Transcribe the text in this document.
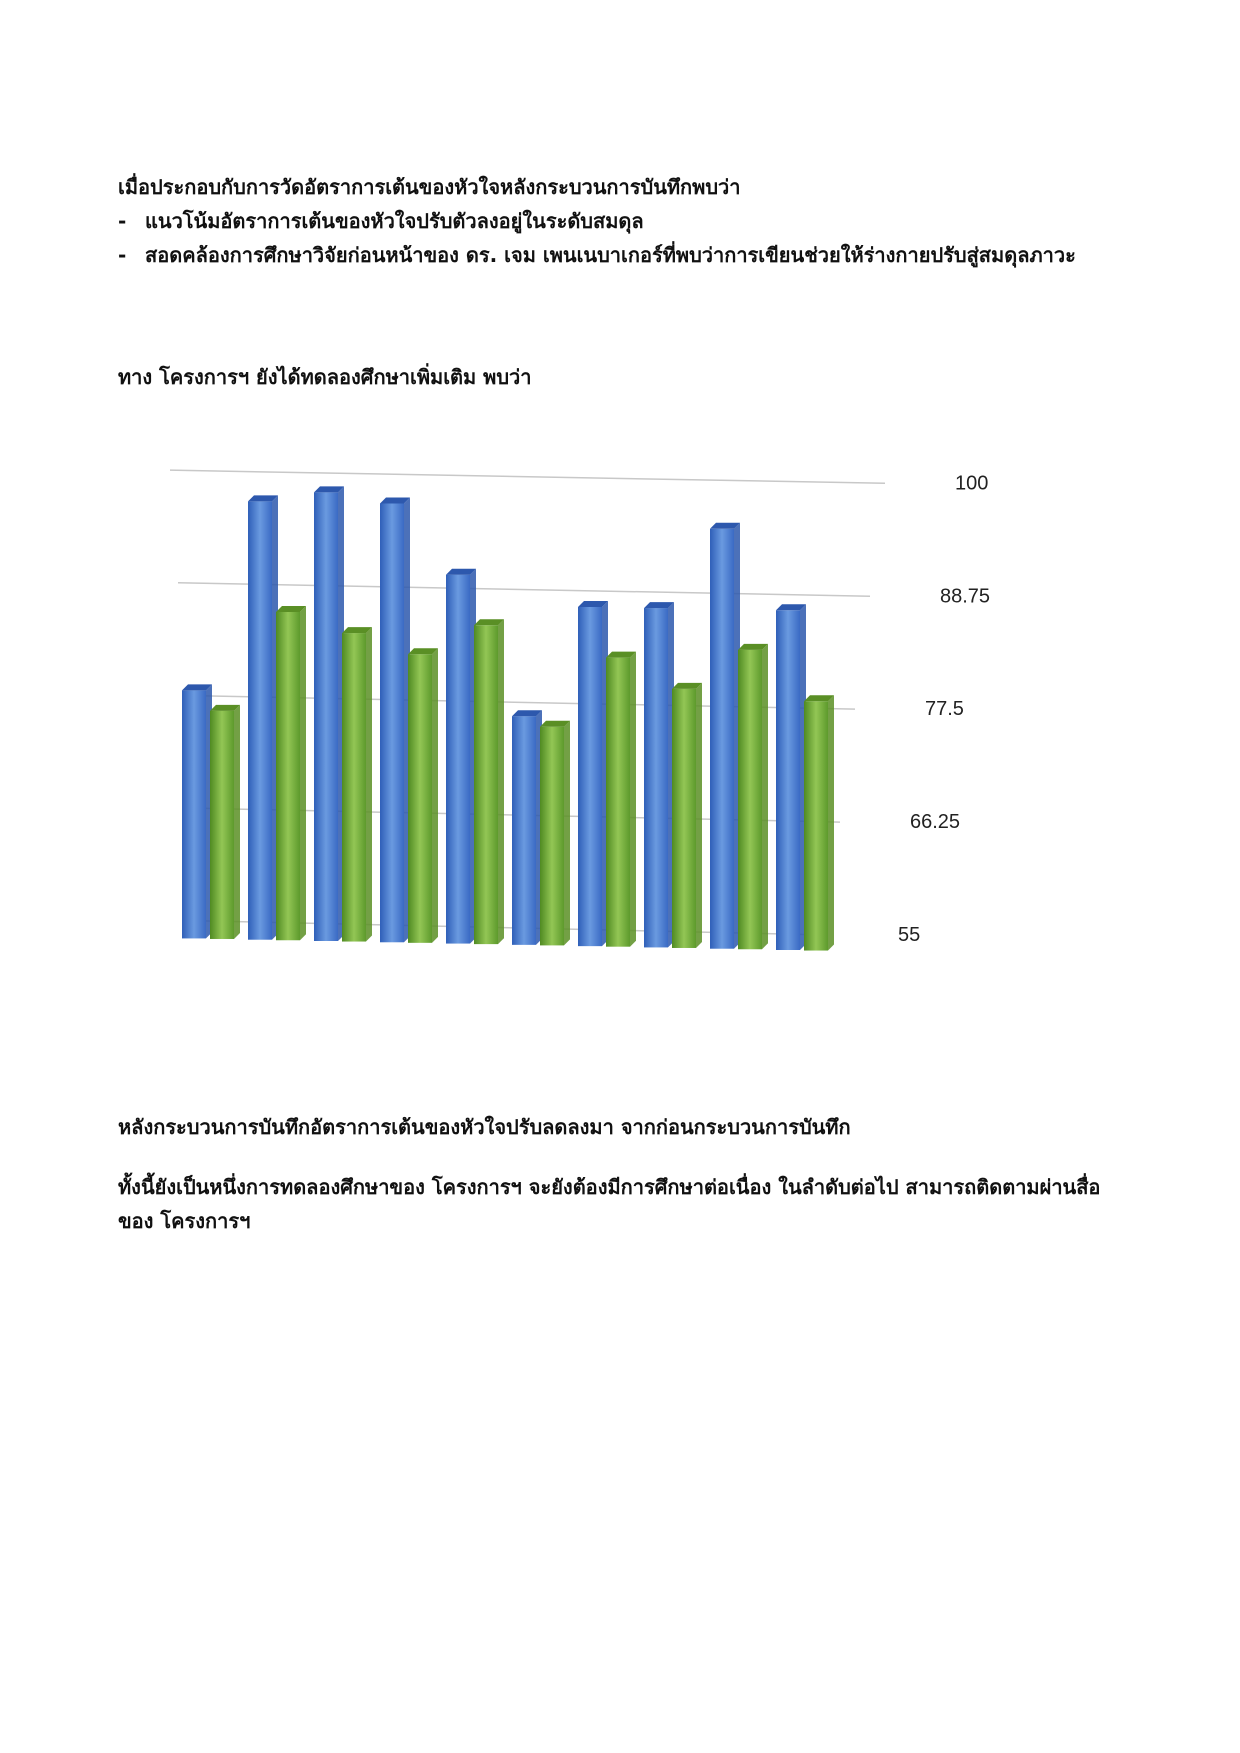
เมื่อประกอบกับการวัดอัตราการเต้นของหัวใจหลังกระบวนการบันทึกพบว่า
- แนวโน้มอัตราการเต้นของหัวใจปรับตัวลงอยู่ในระดับสมดุล
- สอดคล้องการศึกษาวิจัยก่อนหน้าของ ดร. เจม เพนเนบาเกอร์ที่พบว่าการเขียนช่วยให้ร่างกายปรับสู่สมดุลภาวะ
ทาง โครงการฯ ยังได้ทดลองศึกษาเพิ่มเติม พบว่า
100
88.75
77.5
66.25
55
หลังกระบวนการบันทึกอัตราการเต้นของหัวใจปรับลดลงมา จากก่อนกระบวนการบันทึก
ทั้งนี้ยังเป็นหนึ่งการทดลองศึกษาของ โครงการฯ จะยังต้องมีการศึกษาต่อเนื่อง ในลำดับต่อไป สามารถติดตามผ่านสื่อของ โครงการฯ
